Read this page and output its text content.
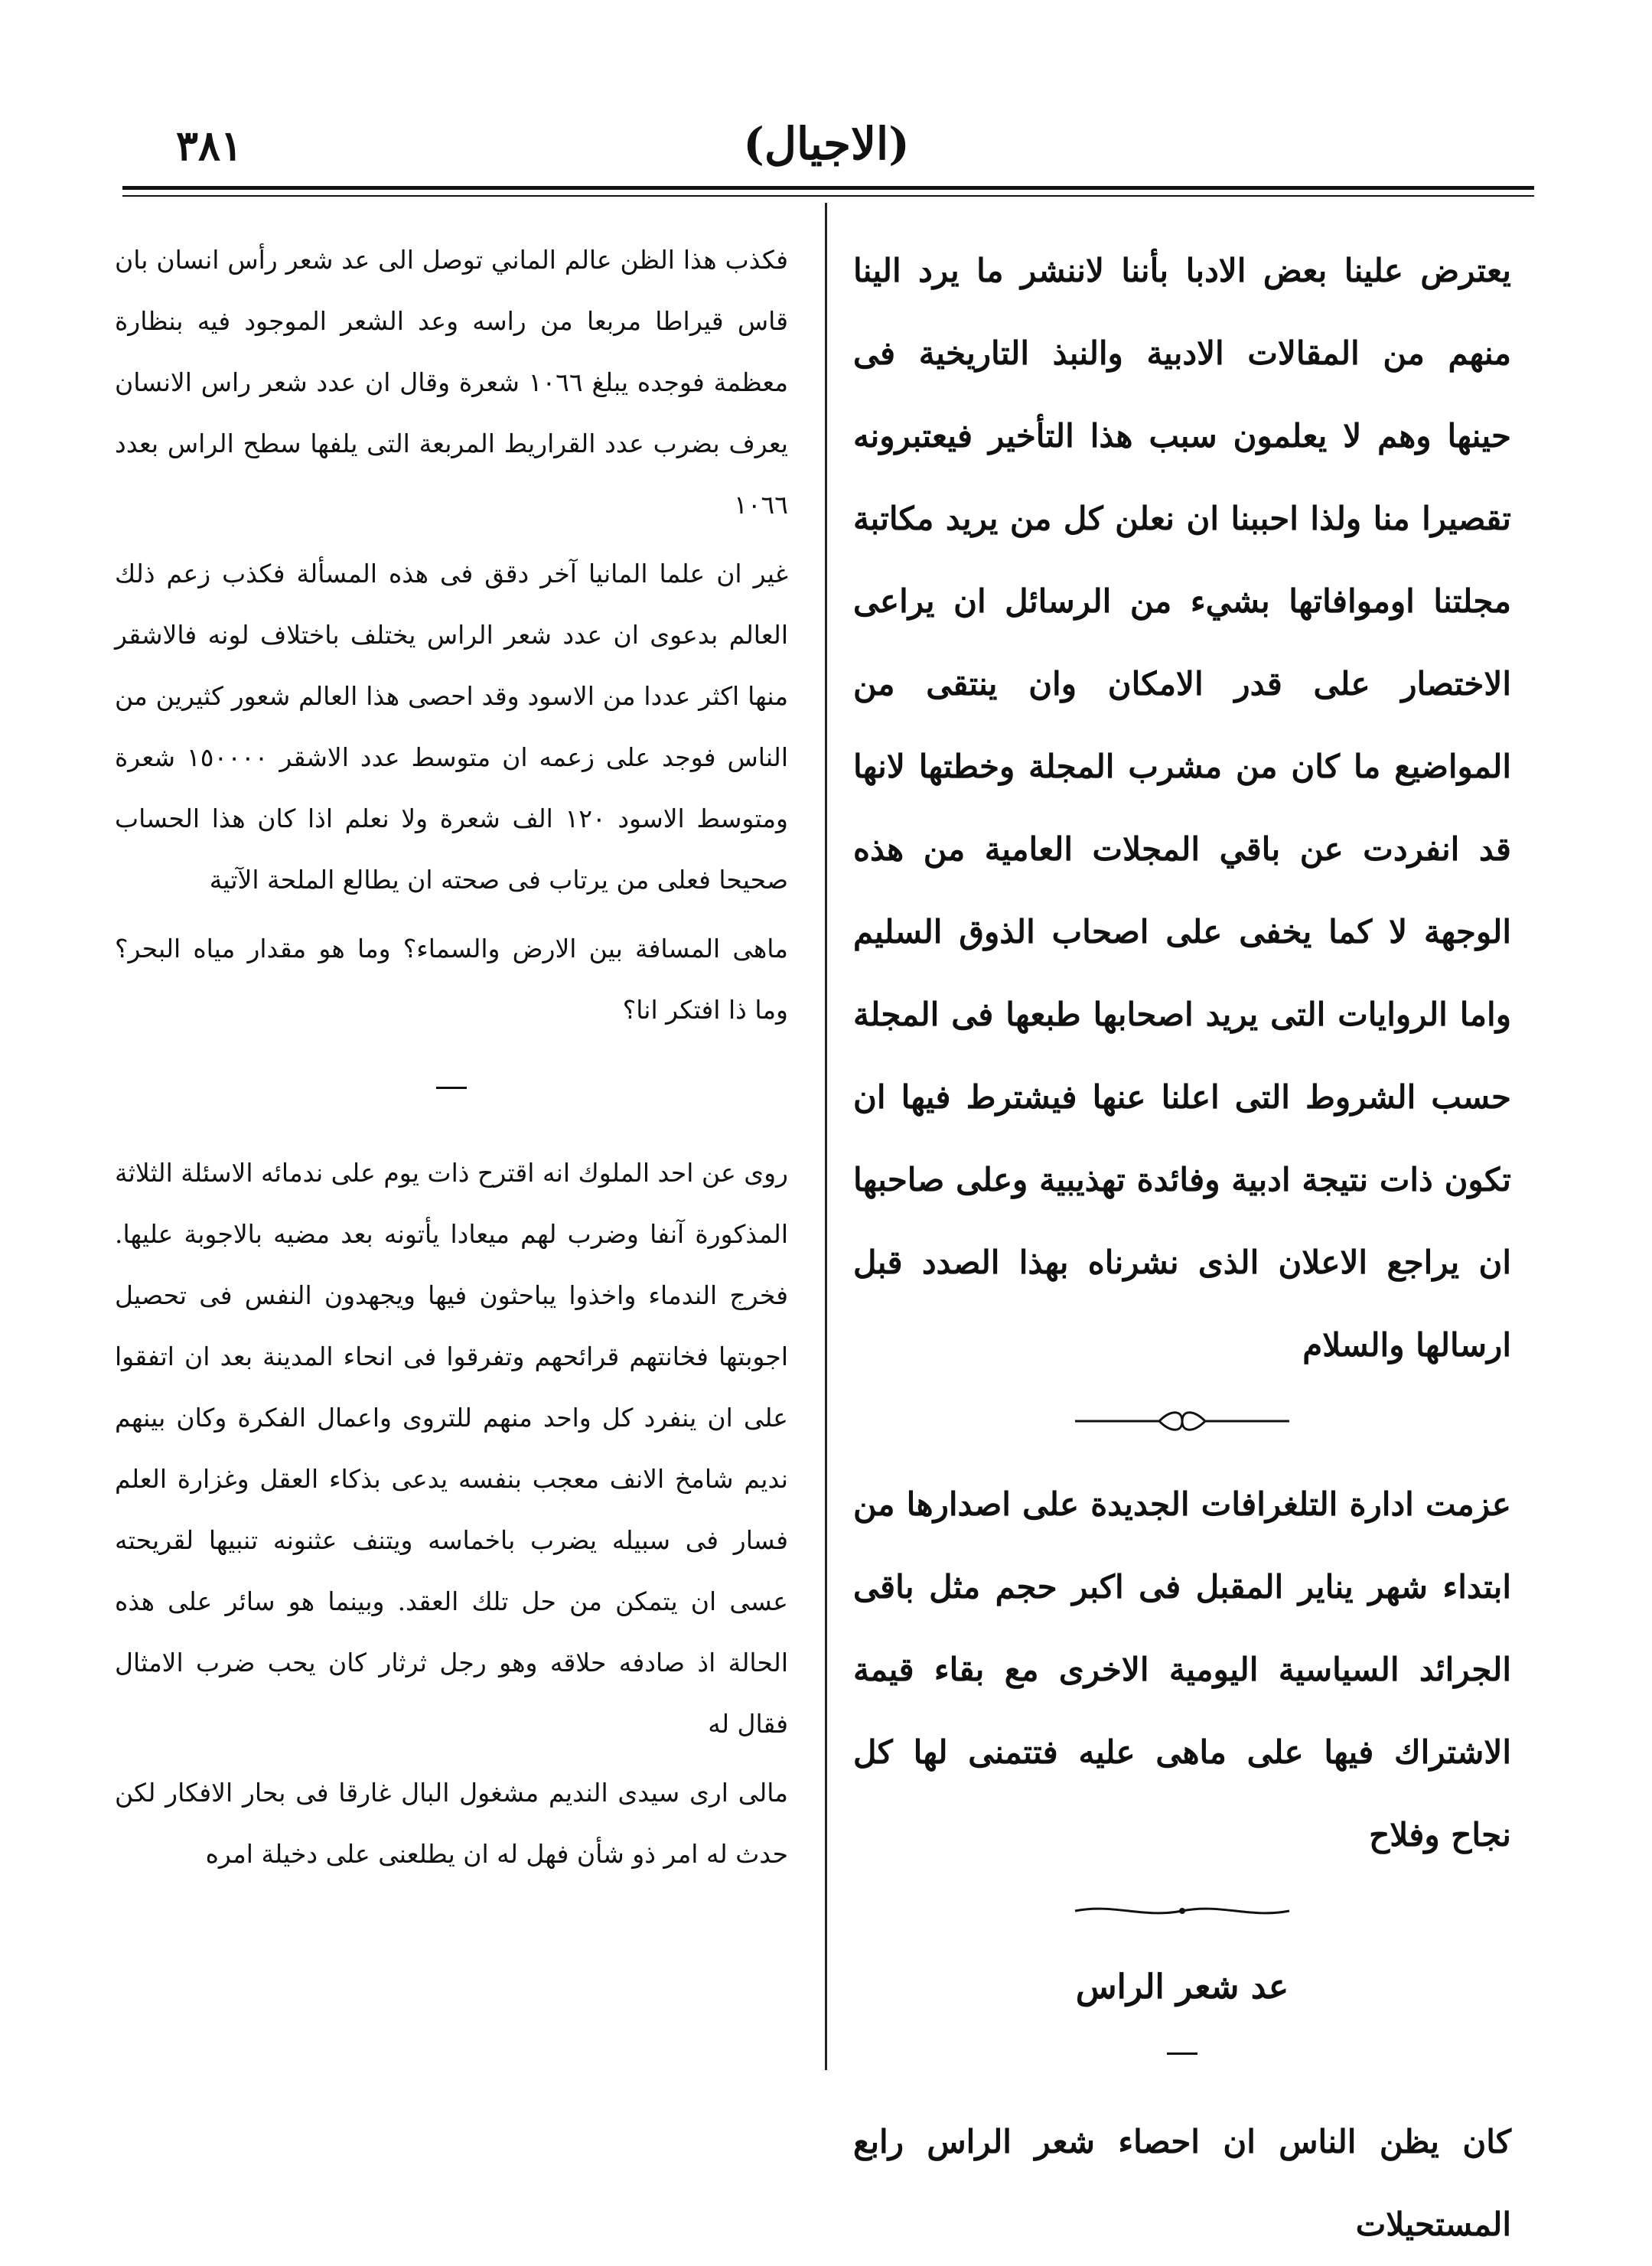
٣٨١	(الاجيال)

يعترض علينا بعض الادبا بأننا لاننشر ما يرد الينا منهم من المقالات الادبية والنبذ التاريخية فى حينها وهم لا يعلمون سبب هذا التأخير فيعتبرونه تقصيرا منا ولذا احببنا ان نعلن كل من يريد مكاتبة مجلتنا اوموافاتها بشيء من الرسائل ان يراعى الاختصار على قدر الامكان وان ينتقى من المواضيع ما كان من مشرب المجلة وخطتها لانها قد انفردت عن باقي المجلات العامية من هذه الوجهة لا كما يخفى على اصحاب الذوق السليم واما الروايات التى يريد اصحابها طبعها فى المجلة حسب الشروط التى اعلنا عنها فيشترط فيها ان تكون ذات نتيجة ادبية وفائدة تهذيبية وعلى صاحبها ان يراجع الاعلان الذى نشرناه بهذا الصدد قبل ارسالها والسلام

عزمت ادارة التلغرافات الجديدة على اصدارها من ابتداء شهر يناير المقبل فى اكبر حجم مثل باقى الجرائد السياسية اليومية الاخرى مع بقاء قيمة الاشتراك فيها على ماهى عليه فتتمنى لها كل نجاح وفلاح

عد شعر الراس

كان يظن الناس ان احصاء شعر الراس رابع المستحيلات

فكذب هذا الظن عالم الماني توصل الى عد شعر رأس انسان بان قاس قيراطا مربعا من راسه وعد الشعر الموجود فيه بنظارة معظمة فوجده يبلغ ١٠٦٦ شعرة وقال ان عدد شعر راس الانسان يعرف بضرب عدد القراريط المربعة التى يلفها سطح الراس بعدد ١٠٦٦

غير ان علما المانيا آخر دقق فى هذه المسألة فكذب زعم ذلك العالم بدعوى ان عدد شعر الراس يختلف باختلاف لونه فالاشقر منها اكثر عددا من الاسود وقد احصى هذا العالم شعور كثيرين من الناس فوجد على زعمه ان متوسط عدد الاشقر ١٥٠٠٠٠ شعرة ومتوسط الاسود ١٢٠ الف شعرة ولا نعلم اذا كان هذا الحساب صحيحا فعلى من يرتاب فى صحته ان يطالع الملحة الآتية

ماهى المسافة بين الارض والسماء؟ وما هو مقدار مياه البحر؟ وما ذا افتكر انا؟

روى عن احد الملوك انه اقترح ذات يوم على ندمائه الاسئلة الثلاثة المذكورة آنفا وضرب لهم ميعادا يأتونه بعد مضيه بالاجوبة عليها. فخرج الندماء واخذوا يباحثون فيها ويجهدون النفس فى تحصيل اجوبتها فخانتهم قرائحهم وتفرقوا فى انحاء المدينة بعد ان اتفقوا على ان ينفرد كل واحد منهم للتروى واعمال الفكرة وكان بينهم نديم شامخ الانف معجب بنفسه يدعى بذكاء العقل وغزارة العلم فسار فى سبيله يضرب باخماسه ويتنف عثنونه تنبيها لقريحته عسى ان يتمكن من حل تلك العقد. وبينما هو سائر على هذه الحالة اذ صادفه حلاقه وهو رجل ثرثار كان يحب ضرب الامثال فقال له

مالى ارى سيدى النديم مشغول البال غارقا فى بحار الافكار لكن حدث له امر ذو شأن فهل له ان يطلعنى على دخيلة امره
